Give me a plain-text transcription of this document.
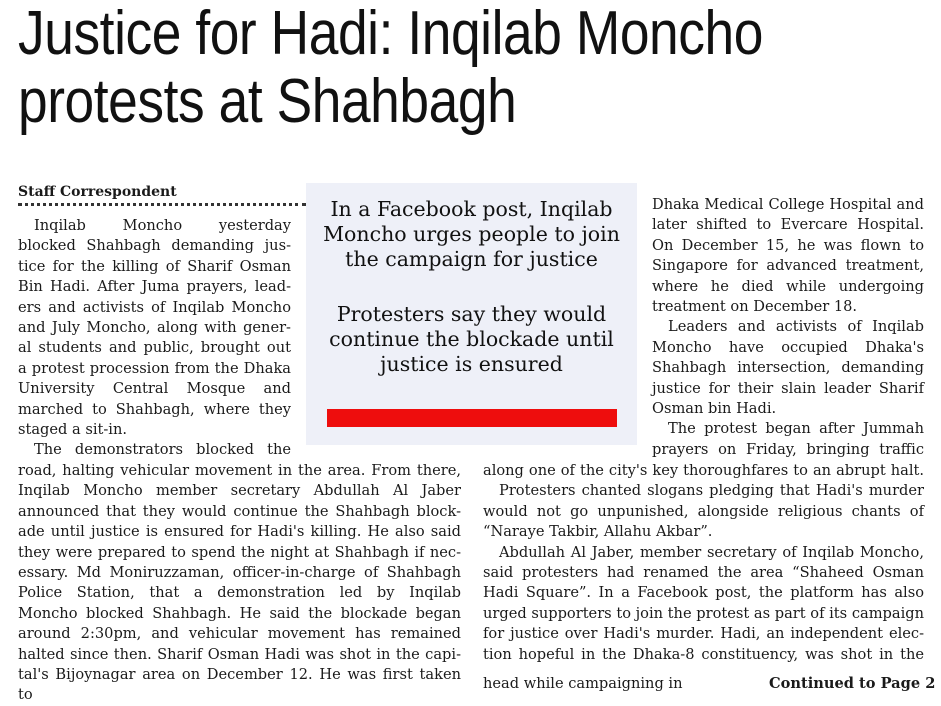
Justice for Hadi: Inqilab Moncho
protests at Shahbagh
Staff Correspondent
In a Facebook post, Inqilab
Moncho urges people to join
the campaign for justice
Protesters say they would
continue the blockade until
justice is ensured
Inqilab Moncho yesterday
blocked Shahbagh demanding jus-
tice for the killing of Sharif Osman
Bin Hadi. After Juma prayers, lead-
ers and activists of Inqilab Moncho
and July Moncho, along with gener-
al students and public, brought out
a protest procession from the Dhaka
University Central Mosque and
marched to Shahbagh, where they
staged a sit-in.
The demonstrators blocked the
road, halting vehicular movement in the area. From there,
Inqilab Moncho member secretary Abdullah Al Jaber
announced that they would continue the Shahbagh block-
ade until justice is ensured for Hadi's killing. He also said
they were prepared to spend the night at Shahbagh if nec-
essary. Md Moniruzzaman, officer-in-charge of Shahbagh
Police Station, that a demonstration led by Inqilab
Moncho blocked Shahbagh. He said the blockade began
around 2:30pm, and vehicular movement has remained
halted since then. Sharif Osman Hadi was shot in the capi-
tal's Bijoynagar area on December 12. He was first taken to
Dhaka Medical College Hospital and
later shifted to Evercare Hospital.
On December 15, he was flown to
Singapore for advanced treatment,
where he died while undergoing
treatment on December 18.
Leaders and activists of Inqilab
Moncho have occupied Dhaka's
Shahbagh intersection, demanding
justice for their slain leader Sharif
Osman bin Hadi.
The protest began after Jummah
prayers on Friday, bringing traffic
along one of the city's key thoroughfares to an abrupt halt.
Protesters chanted slogans pledging that Hadi's murder
would not go unpunished, alongside religious chants of
“Naraye Takbir, Allahu Akbar”.
Abdullah Al Jaber, member secretary of Inqilab Moncho,
said protesters had renamed the area “Shaheed Osman
Hadi Square”. In a Facebook post, the platform has also
urged supporters to join the protest as part of its campaign
for justice over Hadi's murder. Hadi, an independent elec-
tion hopeful in the Dhaka-8 constituency, was shot in the
head while campaigning in	Continued to Page 2
